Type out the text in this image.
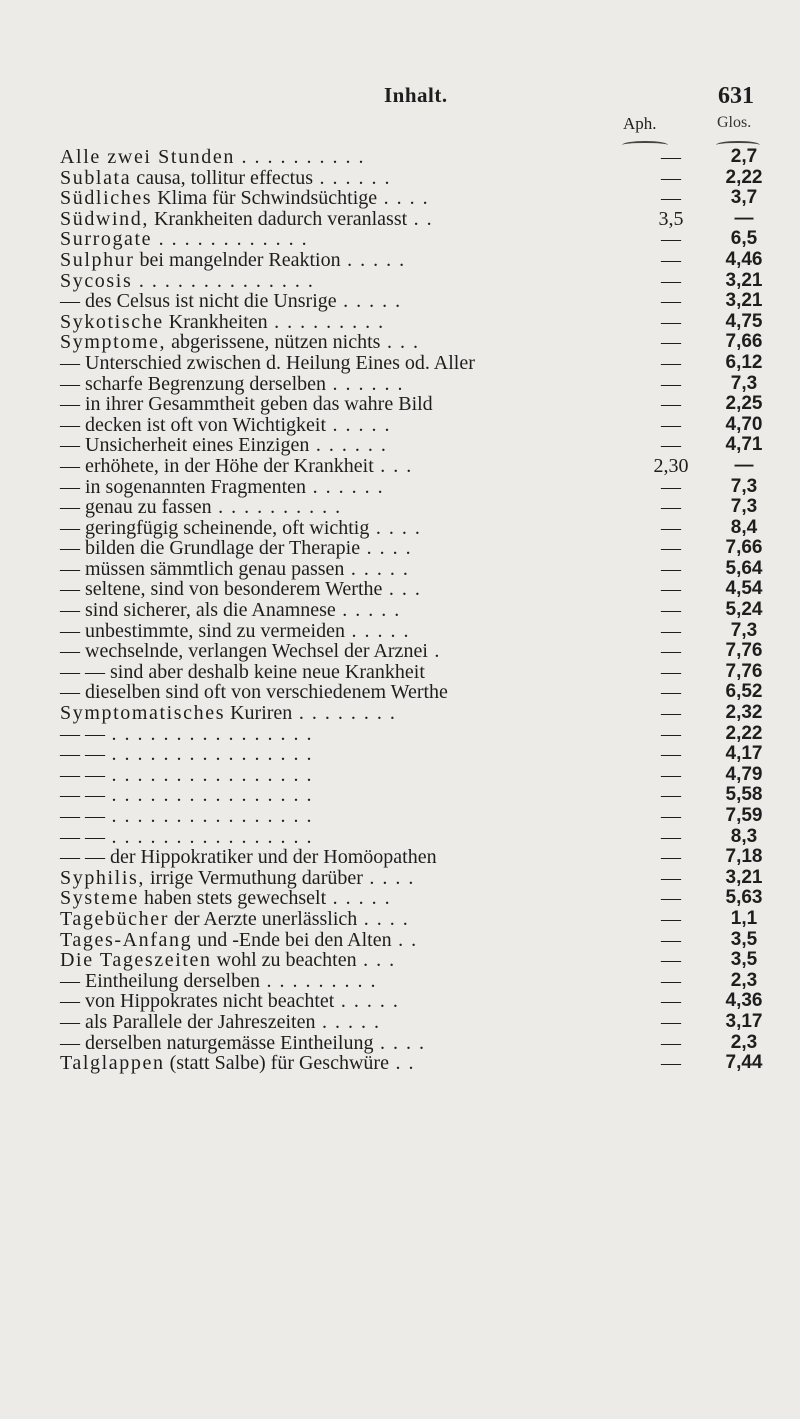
Inhalt.	631
Aph.	Glos.
Alle zwei Stunden . . . . . . . . . .	—	2,7
Sublata causa, tollitur effectus . . . . . .	—	2,22
Südliches Klima für Schwindsüchtige . . . .	—	3,7
Südwind, Krankheiten dadurch veranlasst . .	3,5	—
Surrogate . . . . . . . . . . . .	—	6,5
Sulphur bei mangelnder Reaktion . . . . .	—	4,46
Sycosis . . . . . . . . . . . . . .	—	3,21
— des Celsus ist nicht die Unsrige . . . . .	—	3,21
Sykotische Krankheiten . . . . . . . . .	—	4,75
Symptome, abgerissene, nützen nichts . . .	—	7,66
— Unterschied zwischen d. Heilung Eines od. Aller	—	6,12
— scharfe Begrenzung derselben . . . . . .	—	7,3
— in ihrer Gesammtheit geben das wahre Bild	—	2,25
— decken ist oft von Wichtigkeit . . . . .	—	4,70
— Unsicherheit eines Einzigen . . . . . .	—	4,71
— erhöhete, in der Höhe der Krankheit . . .	2,30	—
— in sogenannten Fragmenten . . . . . .	—	7,3
— genau zu fassen . . . . . . . . . .	—	7,3
— geringfügig scheinende, oft wichtig . . . .	—	8,4
— bilden die Grundlage der Therapie . . . .	—	7,66
— müssen sämmtlich genau passen . . . . .	—	5,64
— seltene, sind von besonderem Werthe . . .	—	4,54
— sind sicherer, als die Anamnese . . . . .	—	5,24
— unbestimmte, sind zu vermeiden . . . . .	—	7,3
— wechselnde, verlangen Wechsel der Arznei .	—	7,76
— — sind aber deshalb keine neue Krankheit	—	7,76
— dieselben sind oft von verschiedenem Werthe	—	6,52
Symptomatisches Kuriren . . . . . . . .	—	2,32
— — . . . . . . . . . . . . . . . .	—	2,22
— — . . . . . . . . . . . . . . . .	—	4,17
— — . . . . . . . . . . . . . . . .	—	4,79
— — . . . . . . . . . . . . . . . .	—	5,58
— — . . . . . . . . . . . . . . . .	—	7,59
— — . . . . . . . . . . . . . . . .	—	8,3
— — der Hippokratiker und der Homöopathen	—	7,18
Syphilis, irrige Vermuthung darüber . . . .	—	3,21
Systeme haben stets gewechselt . . . . .	—	5,63
Tagebücher der Aerzte unerlässlich . . . .	—	1,1
Tages-Anfang und -Ende bei den Alten . .	—	3,5
Die Tageszeiten wohl zu beachten . . .	—	3,5
— Eintheilung derselben . . . . . . . . .	—	2,3
— von Hippokrates nicht beachtet . . . . .	—	4,36
— als Parallele der Jahreszeiten . . . . .	—	3,17
— derselben naturgemässe Eintheilung . . . .	—	2,3
Talglappen (statt Salbe) für Geschwüre . .	—	7,44
